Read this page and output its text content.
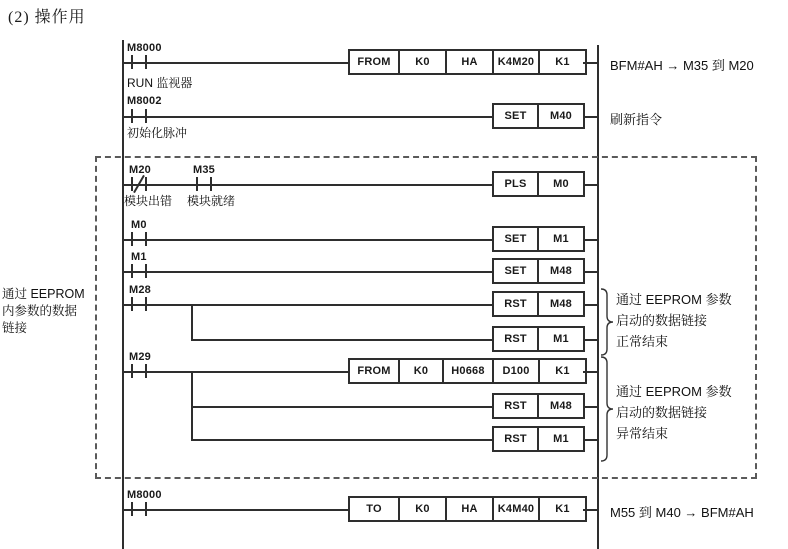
(2) 操作用
通过 EEPROM
内参数的数据
链接
M8000
RUN 监视器
FROM	K0	HA	K4M20	K1	BFM#AH → M35 到 M20
M8002
初始化脉冲
SET	M40	刷新指令
M20	M35
模块出错 模块就绪
PLS	M0
M0
SET	M1
M1
SET	M48
M28
RST	M48
RST	M1
通过 EEPROM 参数
启动的数据链接
正常结束
M29
FROM	K0	H0668	D100	K1
RST	M48
RST	M1
通过 EEPROM 参数
启动的数据链接
异常结束
M8000
TO	K0	HA	K4M40	K1	M55 到 M40 → BFM#AH
